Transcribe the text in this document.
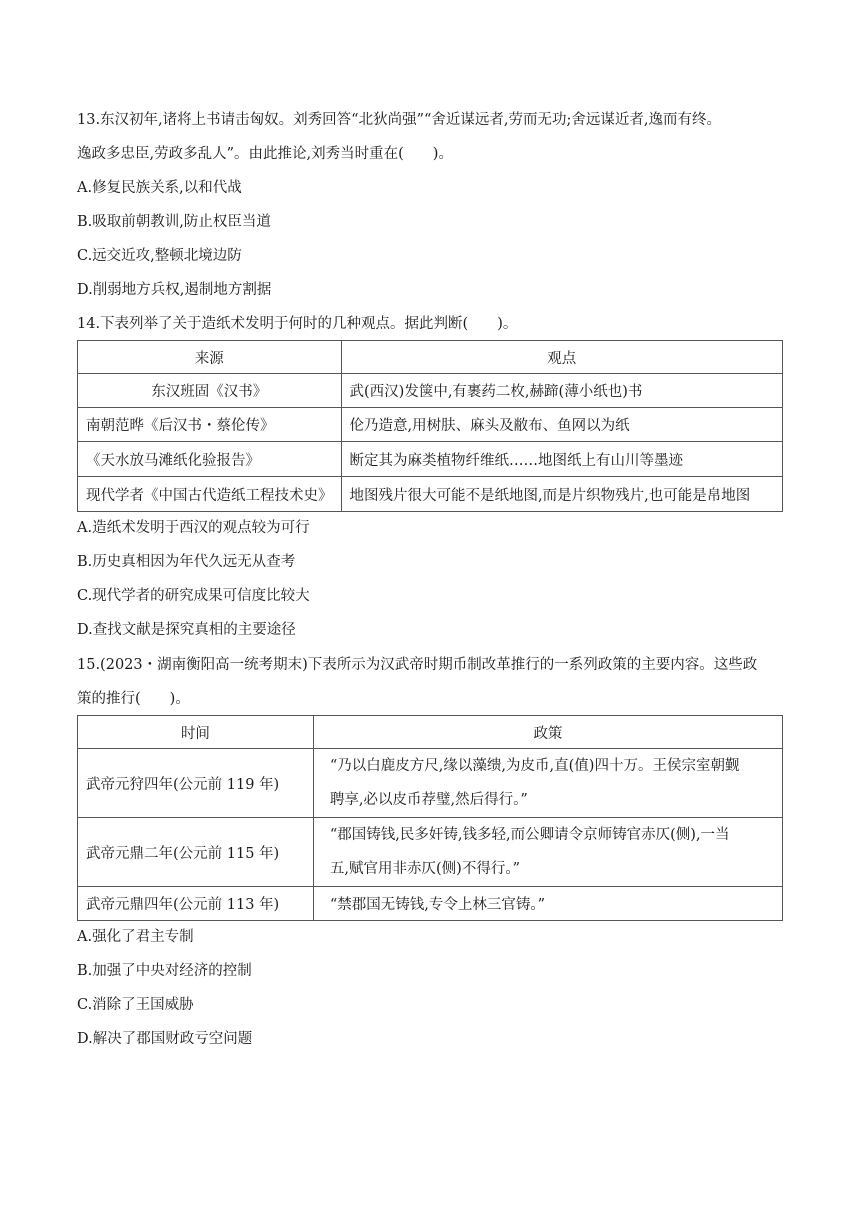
13.东汉初年,诸将上书请击匈奴。刘秀回答“北狄尚强”“舍近谋远者,劳而无功;舍远谋近者,逸而有终。
逸政多忠臣,劳政多乱人”。由此推论,刘秀当时重在(　　)。
A.修复民族关系,以和代战
B.吸取前朝教训,防止权臣当道
C.远交近攻,整顿北境边防
D.削弱地方兵权,遏制地方割据
14.下表列举了关于造纸术发明于何时的几种观点。据此判断(　　)。
来源	观点
东汉班固《汉书》	武(西汉)发箧中,有裹药二枚,赫蹄(薄小纸也)书
南朝范晔《后汉书・蔡伦传》	伦乃造意,用树肤、麻头及敝布、鱼网以为纸
《天水放马滩纸化验报告》	断定其为麻类植物纤维纸……地图纸上有山川等墨迹
现代学者《中国古代造纸工程技术史》	地图残片很大可能不是纸地图,而是片织物残片,也可能是帛地图
A.造纸术发明于西汉的观点较为可行
B.历史真相因为年代久远无从查考
C.现代学者的研究成果可信度比较大
D.查找文献是探究真相的主要途径
15.(2023・湖南衡阳高一统考期末)下表所示为汉武帝时期币制改革推行的一系列政策的主要内容。这些政
策的推行(　　)。
时间	政策
武帝元狩四年(公元前 119 年)	“乃以白鹿皮方尺,缘以藻缋,为皮币,直(值)四十万。王侯宗室朝觐
聘享,必以皮币荐璧,然后得行。”

武帝元鼎二年(公元前 115 年)	“郡国铸钱,民多奸铸,钱多轻,而公卿请令京师铸官赤仄(侧),一当
五,赋官用非赤仄(侧)不得行。”

武帝元鼎四年(公元前 113 年)	“禁郡国无铸钱,专令上林三官铸。”
A.强化了君主专制
B.加强了中央对经济的控制
C.消除了王国威胁
D.解决了郡国财政亏空问题
